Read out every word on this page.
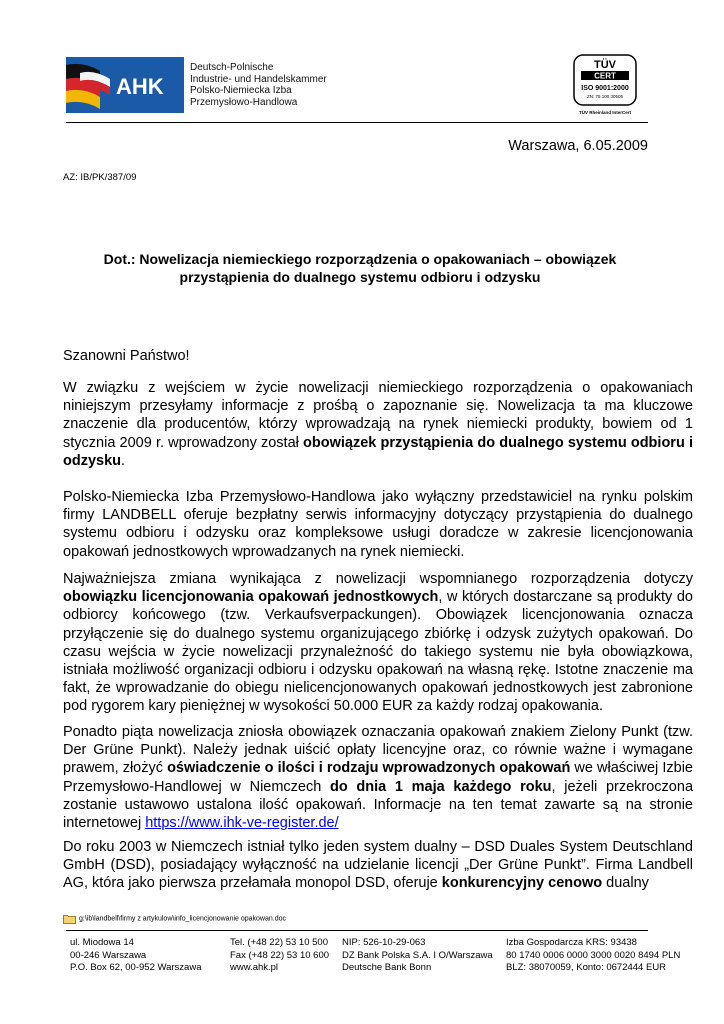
AHK
Deutsch-Polnische
Industrie- und Handelskammer
Polsko-Niemiecka Izba
Przemysłowo-Handlowa
TÜV
CERT
ISO 9001:2000
ZN: 75.100.30505
TÜV Rheinland InterCert
Warszawa, 6.05.2009
AZ: IB/PK/387/09
Dot.: Nowelizacja niemieckiego rozporządzenia o opakowaniach – obowiązek
przystąpienia do dualnego systemu odbioru i odzysku
Szanowni Państwo!

W związku z wejściem w życie nowelizacji niemieckiego rozporządzenia o opakowaniach niniejszym przesyłamy informacje z prośbą o zapoznanie się. Nowelizacja ta ma kluczowe znaczenie dla producentów, którzy wprowadzają na rynek niemiecki produkty, bowiem od 1 stycznia 2009 r. wprowadzony został obowiązek przystąpienia do dualnego systemu odbioru i odzysku.

Polsko-Niemiecka Izba Przemysłowo-Handlowa jako wyłączny przedstawiciel na rynku polskim firmy LANDBELL oferuje bezpłatny serwis informacyjny dotyczący przystąpienia do dualnego systemu odbioru i odzysku oraz kompleksowe usługi doradcze w zakresie licencjonowania opakowań jednostkowych wprowadzanych na rynek niemiecki.

Najważniejsza zmiana wynikająca z nowelizacji wspomnianego rozporządzenia dotyczy obowiązku licencjonowania opakowań jednostkowych, w których dostarczane są produkty do odbiorcy końcowego (tzw. Verkaufsverpackungen). Obowiązek licencjonowania oznacza przyłączenie się do dualnego systemu organizującego zbiórkę i odzysk zużytych opakowań. Do czasu wejścia w życie nowelizacji przynależność do takiego systemu nie była obowiązkowa, istniała możliwość organizacji odbioru i odzysku opakowań na własną rękę. Istotne znaczenie ma fakt, że wprowadzanie do obiegu nielicencjonowanych opakowań jednostkowych jest zabronione pod rygorem kary pieniężnej w wysokości 50.000 EUR za każdy rodzaj opakowania.

Ponadto piąta nowelizacja zniosła obowiązek oznaczania opakowań znakiem Zielony Punkt (tzw. Der Grüne Punkt). Należy jednak uiścić opłaty licencyjne oraz, co równie ważne i wymagane prawem, złożyć oświadczenie o ilości i rodzaju wprowadzonych opakowań we właściwej Izbie Przemysłowo-Handlowej w Niemczech do dnia 1 maja każdego roku, jeżeli przekroczona zostanie ustawowo ustalona ilość opakowań. Informacje na ten temat zawarte są na stronie internetowej https://www.ihk-ve-register.de/

Do roku 2003 w Niemczech istniał tylko jeden system dualny – DSD Duales System Deutschland GmbH (DSD), posiadający wyłączność na udzielanie licencji „Der Grüne Punkt”. Firma Landbell AG, która jako pierwsza przełamała monopol DSD, oferuje konkurencyjny cenowo dualny

g:\ib\landbell\firmy z artykulow\info_licencjonowanie opakowan.doc
ul. Miodowa 14
00-246 Warszawa
P.O. Box 62, 00-952 Warszawa
Tel. (+48 22) 53 10 500
Fax (+48 22) 53 10 600
www.ahk.pl
NIP: 526-10-29-063
DZ Bank Polska S.A. I O/Warszawa
Deutsche Bank Bonn
Izba Gospodarcza KRS: 93438
80 1740 0006 0000 3000 0020 8494 PLN
BLZ: 38070059, Konto: 0672444 EUR
